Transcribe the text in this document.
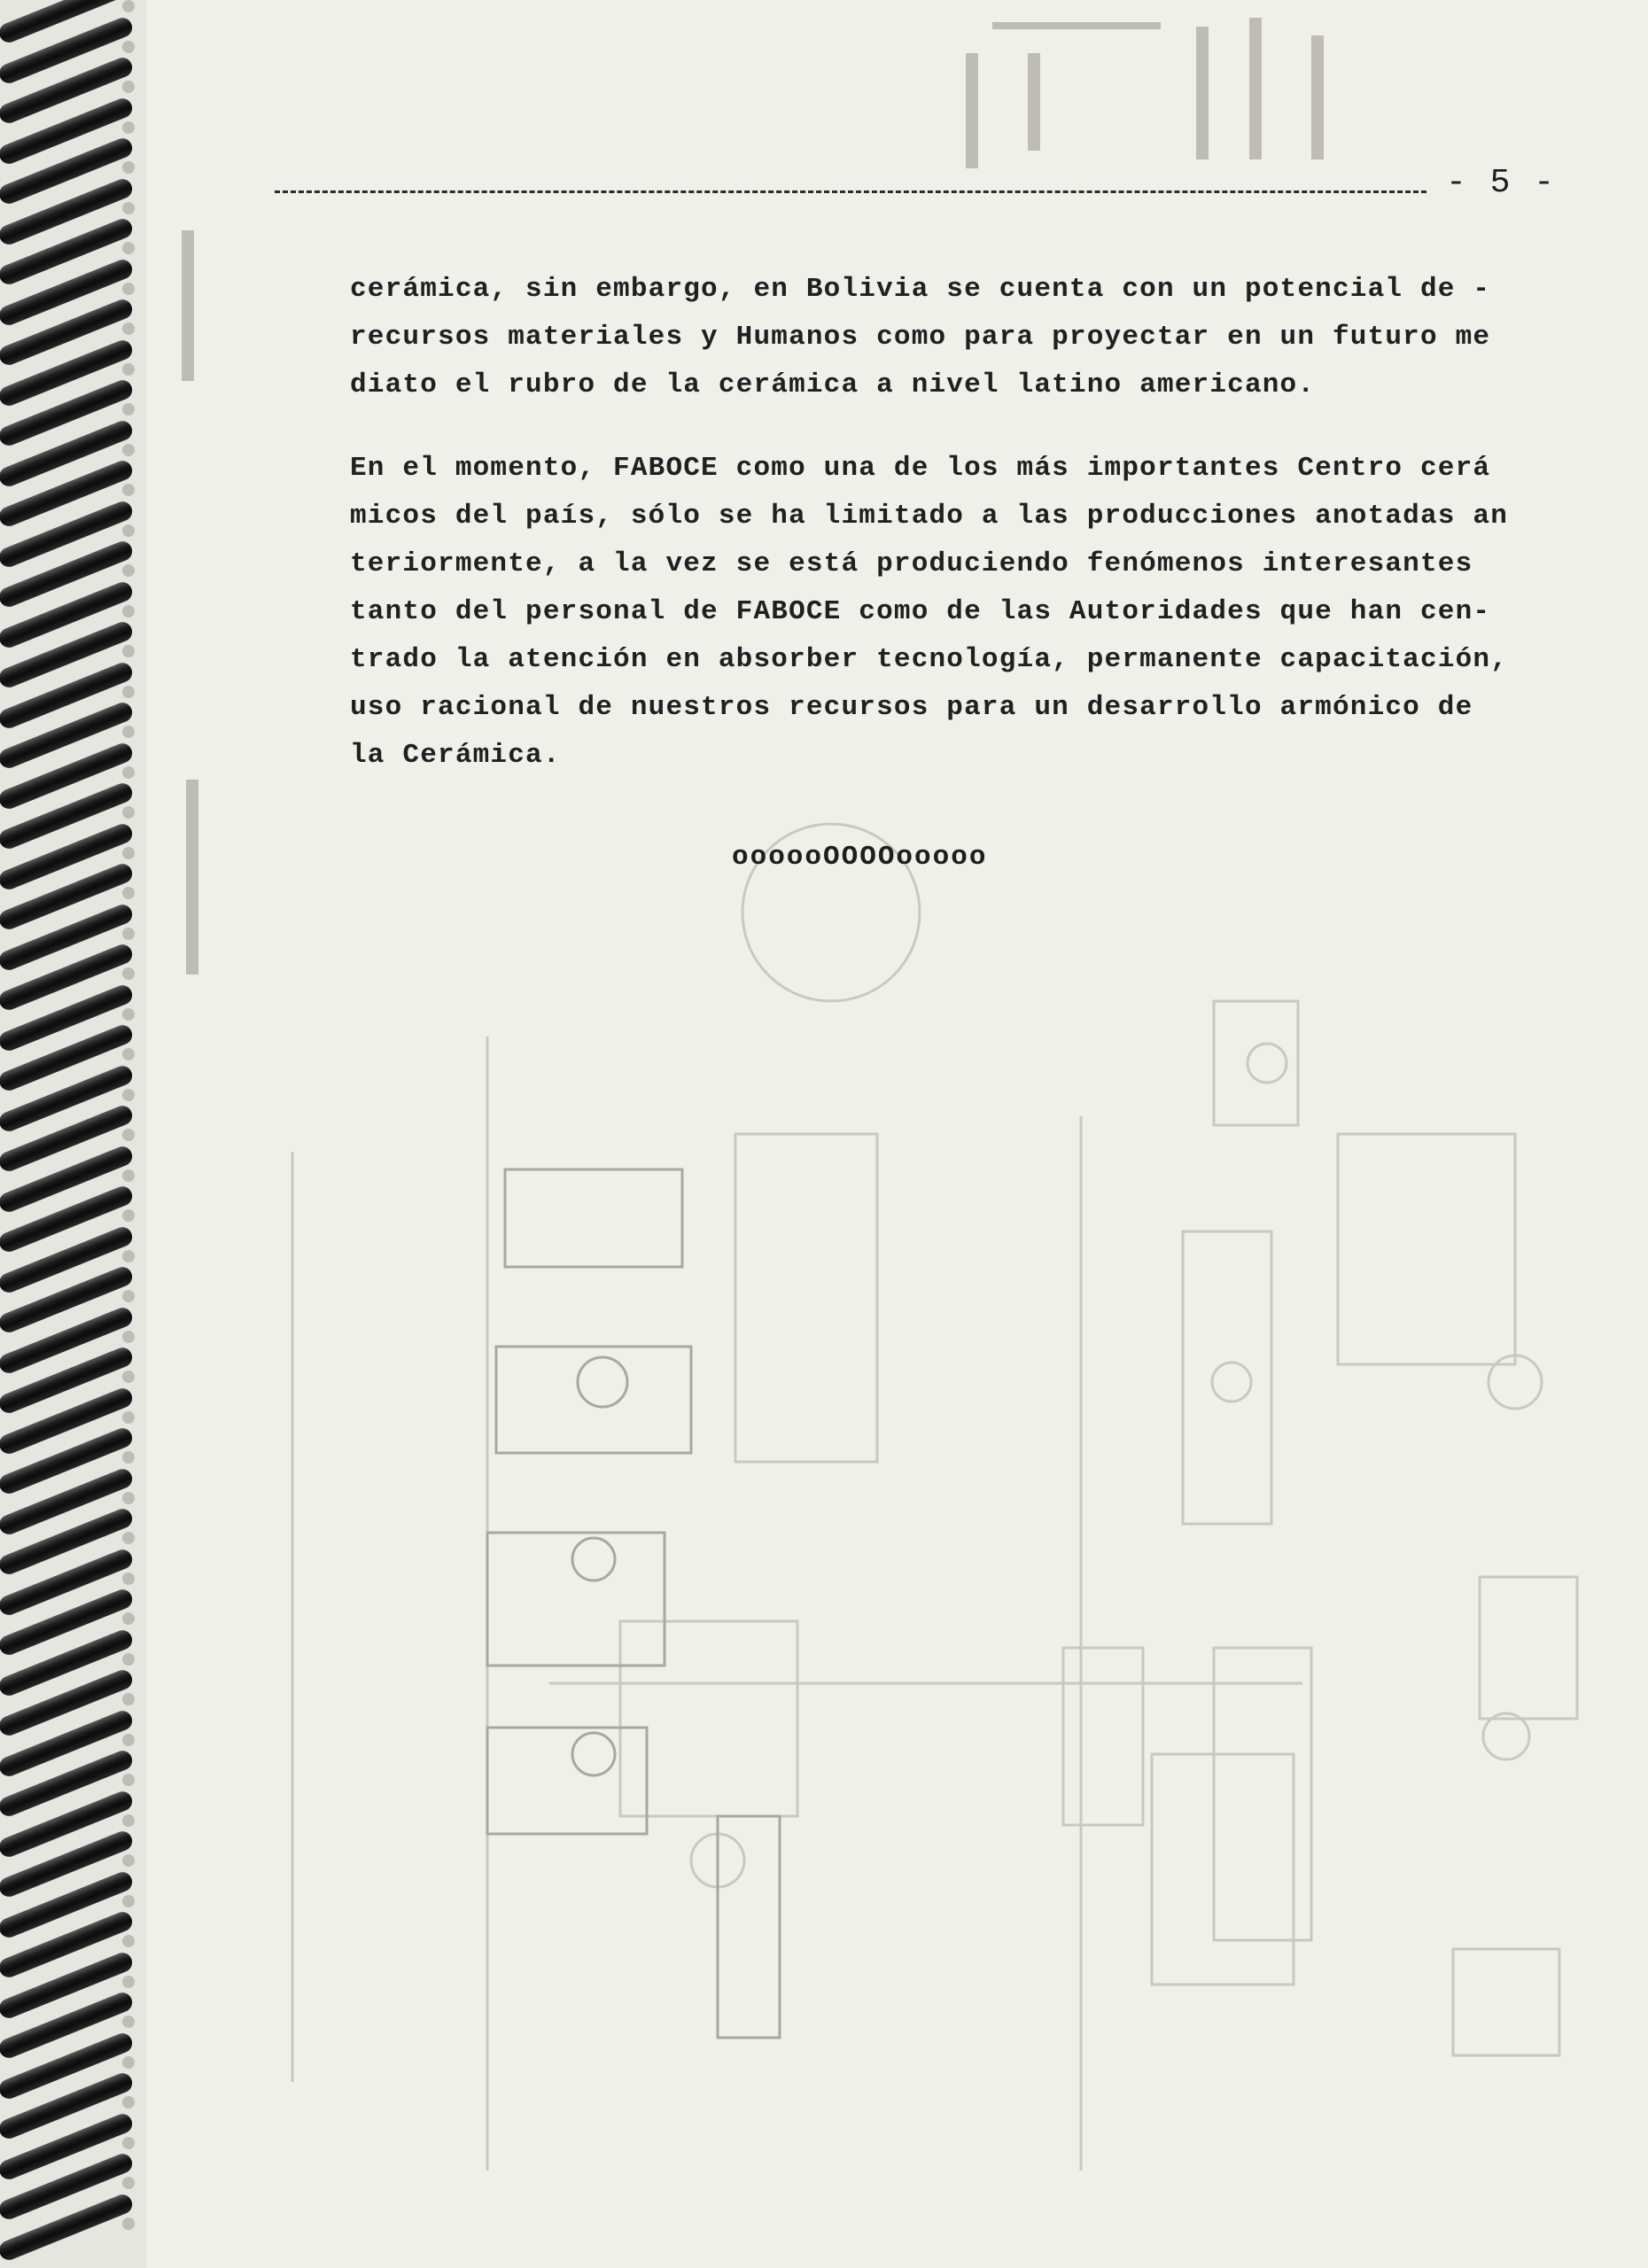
- 5 -
cerámica, sin embargo, en Bolivia se cuenta con un potencial de -
recursos materiales y Humanos como para proyectar en un futuro me
diato el rubro de la cerámica a nivel latino americano.
En el momento, FABOCE como una de los más importantes Centro cerá
micos del país, sólo se ha limitado a las producciones anotadas an
teriormente, a la vez se está produciendo fenómenos interesantes
tanto del personal de FABOCE como de las Autoridades que han cen-
trado la atención en absorber tecnología, permanente capacitación,
uso racional de nuestros recursos para un desarrollo armónico de
la Cerámica.
oooooOOOOooooo
